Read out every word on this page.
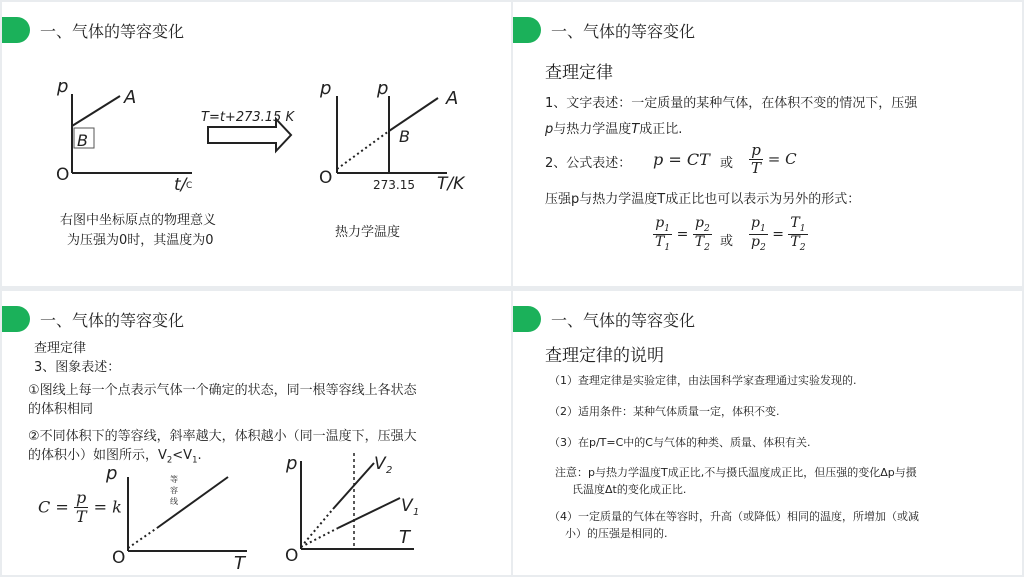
一、气体的等容变化
p
A
B
O	t/ C
T=t+273.15 K
p	p	A
B
O	273.15 T/K
右图中坐标原点的物理意义
为压强为0时，其温度为0
热力学温度
一、气体的等容变化
查理定律
1、文字表述：一定质量的某种气体，在体积不变的情况下，压强
p与热力学温度T成正比.
2、公式表述： p = CT 或 $\frac{p}{T} = C$
压强p与热力学温度T成正比也可以表示为另外的形式：
$\frac{p_1}{T_1} = \frac{p_2}{T_2}$ 或 $\frac{p_1}{p_2} = \frac{T_1}{T_2}$
一、气体的等容变化
查理定律
3、图象表述：
①图线上每一个点表示气体一个确定的状态，同一根等容线上各状态
的体积相同
②不同体积下的等容线，斜率越大，体积越小（同一温度下，压强大
的体积小）如图所示，$V_2<V_1$.
$C = \frac{p}{T} = k$
p
O	T
等
容
线
p
O
T
V 2
V 1
一、气体的等容变化
查理定律的说明
（1）查理定律是实验定律，由法国科学家查理通过实验发现的.
（2）适用条件：某种气体质量一定，体积不变.
（3）在p/T=C中的C与气体的种类、质量、体积有关.
注意：p与热力学温度T成正比,不与摄氏温度成正比，但压强的变化Δp与摄
氏温度Δt的变化成正比.
（4）一定质量的气体在等容时，升高（或降低）相同的温度，所增加（或减
小）的压强是相同的.
